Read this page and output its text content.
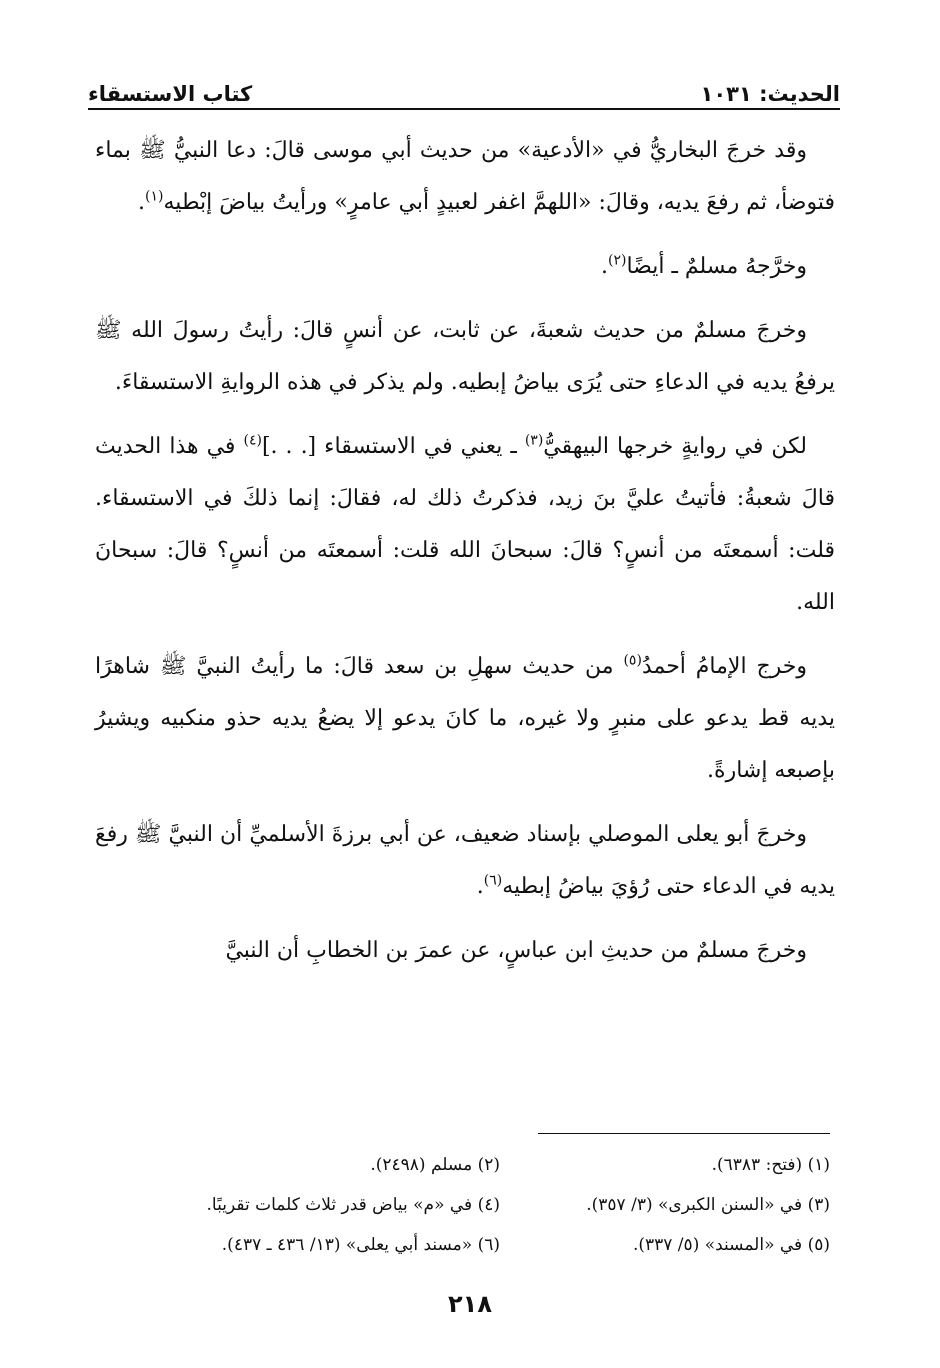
الحديث: ١٠٣١
كتاب الاستسقاء

وقد خرجَ البخاريُّ في «الأدعية» من حديث أبي موسى قالَ: دعا النبيُّ ﷺ بماء فتوضأ، ثم رفعَ يديه، وقالَ: «اللهمَّ اغفر لعبيدٍ أبي عامرٍ» ورأيتُ بياضَ إبْطيه$^{(١)}$.

وخرَّجهُ مسلمٌ ـ أيضًا$^{(٢)}$.

وخرجَ مسلمٌ من حديث شعبةَ، عن ثابت، عن أنسٍ قالَ: رأيتُ رسولَ الله ﷺ يرفعُ يديه في الدعاءِ حتى يُرَى بياضُ إبطيه. ولم يذكر في هذه الروايةِ الاستسقاءَ.

لكن في روايةٍ خرجها البيهقيُّ$^{(٣)}$ ـ يعني في الاستسقاء [. . .]$^{(٤)}$ في هذا الحديث قالَ شعبةُ: فأتيتُ عليَّ بنَ زيد، فذكرتُ ذلك له، فقالَ: إنما ذلكَ في الاستسقاء. قلت: أسمعتَه من أنسٍ؟ قالَ: سبحانَ الله قلت: أسمعتَه من أنسٍ؟ قالَ: سبحانَ الله.

وخرج الإمامُ أحمدُ$^{(٥)}$ من حديث سهلِ بن سعد قالَ: ما رأيتُ النبيَّ ﷺ شاهرًا يديه قط يدعو على منبرٍ ولا غيره، ما كانَ يدعو إلا يضعُ يديه حذو منكبيه ويشيرُ بإصبعه إشارةً.

وخرجَ أبو يعلى الموصلي بإسناد ضعيف، عن أبي برزةَ الأسلميِّ أن النبيَّ ﷺ رفعَ يديه في الدعاء حتى رُؤيَ بياضُ إبطيه$^{(٦)}$.

وخرجَ مسلمٌ من حديثِ ابن عباسٍ، عن عمرَ بن الخطابِ أن النبيَّ

(١) (فتح: ٦٣٨٣).
(٢) مسلم (٢٤٩٨).
(٣) في «السنن الكبرى» (٣/ ٣٥٧).
(٤) في «م» بياض قدر ثلاث كلمات تقريبًا.
(٥) في «المسند» (٥/ ٣٣٧).
(٦) «مسند أبي يعلى» (١٣/ ٤٣٦ ـ ٤٣٧).
٢١٨
